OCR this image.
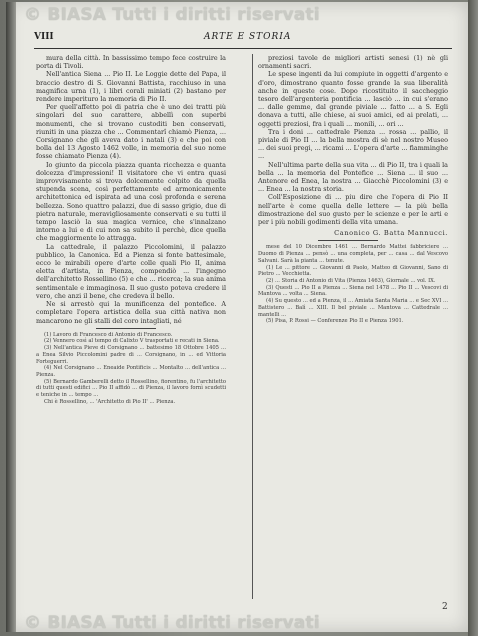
© BIASA Tutti i diritti riservati
VIII	ARTE E STORIA

mura della città. In bassissimo tempo fece costruire la porta di Tivoli.

Nell'antica Siena ... Pio II. Le Loggie dette del Papa, il braccio destro di S. Giovanni Battista, racchiuso in una magnifica urna (1), i libri corali miniati (2) bastano per rendere imperituro la memoria di Pio II.

Per quell'affetto poi di patria che è uno dei tratti più singolari del suo carattere, abbellì con superbi monumenti, che si trovano custoditi ben conservati, riuniti in una piazza che ... Commentarî chiamò Pienza, ... Corsignano che gli aveva dato i natali (3) e che poi con bolla del 13 Agosto 1462 volle, in memoria del suo nome fosse chiamato Pienza (4).

Io giunto da piccola piazza quanta ricchezza e quanta dolcezza d'impressioni! Il visitatore che vi entra quasi improvvisamente si trova dolcemente colpito da quella stupenda scena, così perfettamente ed armonicamente architettonica ed ispirata ad una così profonda e serena bellezza. Sono quattro palazzi, due di sasso grigio, due di pietra naturale, meravigliosamente conservati e su tutti il tempo lasciò la sua magica vernice, che s'innalzano intorno a lui e di cui non sa subito il perchè, dice quella che maggiormente lo attragga.

La cattedrale, il palazzo Piccolomini, il palazzo pubblico, la Canonica. Ed a Pienza si fonte battesimale, ecco le mirabili opere d'arte colle quali Pio II, anima eletta d'artista, in Pienza, compendiò ... l'ingegno dell'architetto Rossellino (5) e che ... ricerca; la sua anima sentimentale e immaginosa. Il suo gusto poteva credere il vero, che anzi il bene, che credeva il bello.

Ne si arrestò qui la munificenza del pontefice. A completare l'opera artistica della sua città nativa non mancarono ne gli stalli del coro intagliati, né

(1) Lavoro di Francesco di Antonio di Francesco.

(2) Vennero così al tempo di Calixto V trasportati e recati in Siena.

(3) Nell'antica Pieve di Corsignano ... battesimo 18 Ottobre 1405 ... a Enea Silvio Piccolomini padre di ... Corsignano, in ... ed Vittoria Forteguerri.

(4) Nel Corsignano ... Eneaide Pontificis ... Montalto ... dell'antica ... Pienza.

(5) Bernardo Gamberelli detto il Rossellino, fiorentino, fu l'architetto di tutti questi edifici ... Pio II affidò ... di Pienza, il lavoro fornì scudetti e teniche in ... tempo ...

Chi è Rossellino, ... 'Architetto di Pio II' ... Pienza.

preziosi tavole de migliori artisti senesi (1) nè gli ornamenti sacri.

Le spese ingenti da lui compiute in oggetti d'argento e d'oro, dimostrano quanto fosse grande la sua liberalità anche in queste cose. Dopo ricostituito il saccheggio tesoro dell'argenteria pontificia ... lasciò ... in cui s'erano ... dalle gemme, dal grande piviale ... fatto ... a S. Egli donava a tutti, alle chiese, ai suoi amici, ed ai prelati, ... oggetti preziosi, fra i quali ... monili, ... ori ...

Tra i doni ... cattedrale Pienza ... rossa ... pallio, il piviale di Pio II ... la bella mostra di sè nel nostro Museo ... dei suoi pregi, ... ricami ... L'opera d'arte ... fiamminghe ...

Nell'ultima parte della sua vita ... di Pio II, tra i quali la bella ... la memoria del Pontefice ... Siena ... il suo ... Antenore ed Enea, la nostra ... Giacchè Piccolomini (3) e ... Enea ... la nostra storia.

Coll'Esposizione di ... piu dire che l'opera di Pio II nell'arte è come quella delle lettere — la più bella dimostrazione del suo gusto per le scienze e per le arti e per i più nobili godimenti della vita umana.

Canonico G. Batta Mannucci.

mese del 10 Dicembre 1461 ... Bernardo Mattei fabbriciere ... Duomo di Pienza ... pensò ... una completa, per ... casa ... dal Vescovo Salvani. Sarà la pianta ... tenute.

(1) Le ... pittore ... Giovanni di Paolo, Matteo di Giovanni, Sano di Pietro ... Vecchietta.

(2) ... Storia di Antonio di Vita (Pienza 1463), Giornale ... vol. IX.

(3) Questi ... Pio II a Pienza ... Siena nel 1478 ... Pio II ... Vescovi di Mantova ... volta ... Siena.

(4) Su questo ... ed a Pienza, il ... Amiata Santa Maria ... e Sec XVI ... Battistero ... Balì ... XIII. Il bel piviale ... Mantova ... Cattedrale ... mantelli ...

(5) Pisa, P. Rossi — Conferenze Pio II e Pienza 1901.

2
© BIASA Tutti i diritti riservati
